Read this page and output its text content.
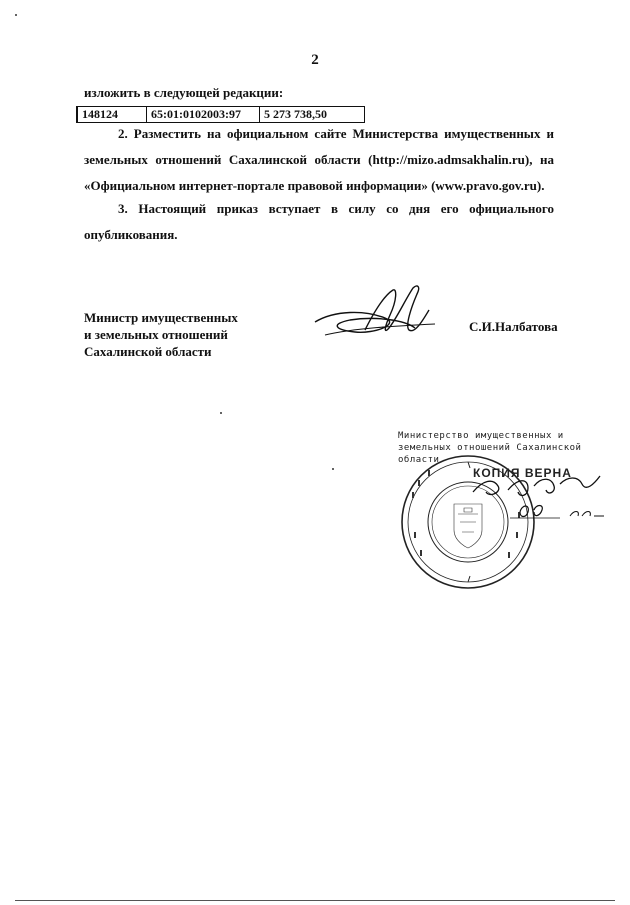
2
изложить в следующей редакции:
148124	65:01:0102003:97	5 273 738,50

2. Разместить на официальном сайте Министерства имущественных и земельных отношений Сахалинской области (http://mizo.admsakhalin.ru), на «Официальном интернет-портале правовой информации» (www.pravo.gov.ru).

3. Настоящий приказ вступает в силу со дня его официального опубликования.

Министр имущественных
и земельных отношений
Сахалинской области
С.И.Налбатова
Министерство имущественных и
земельных отношений Сахалинской
области
КОПИЯ ВЕРНА
